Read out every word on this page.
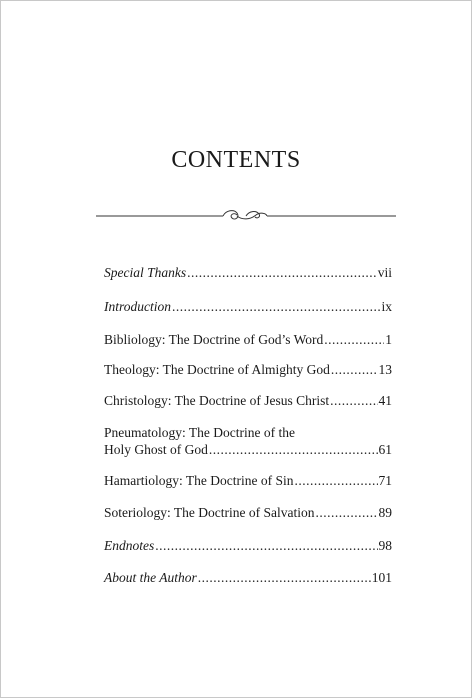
CONTENTS
Special Thanks .....	vii
Introduction .....	ix
Bibliology: The Doctrine of God’s Word .....	1
Theology: The Doctrine of Almighty God .....	13
Christology: The Doctrine of Jesus Christ .....	41
Pneumatology: The Doctrine of the
Holy Ghost of God .....	61
Hamartiology: The Doctrine of Sin .....	71
Soteriology: The Doctrine of Salvation .....	89
Endnotes .....	98
About the Author .....	101
